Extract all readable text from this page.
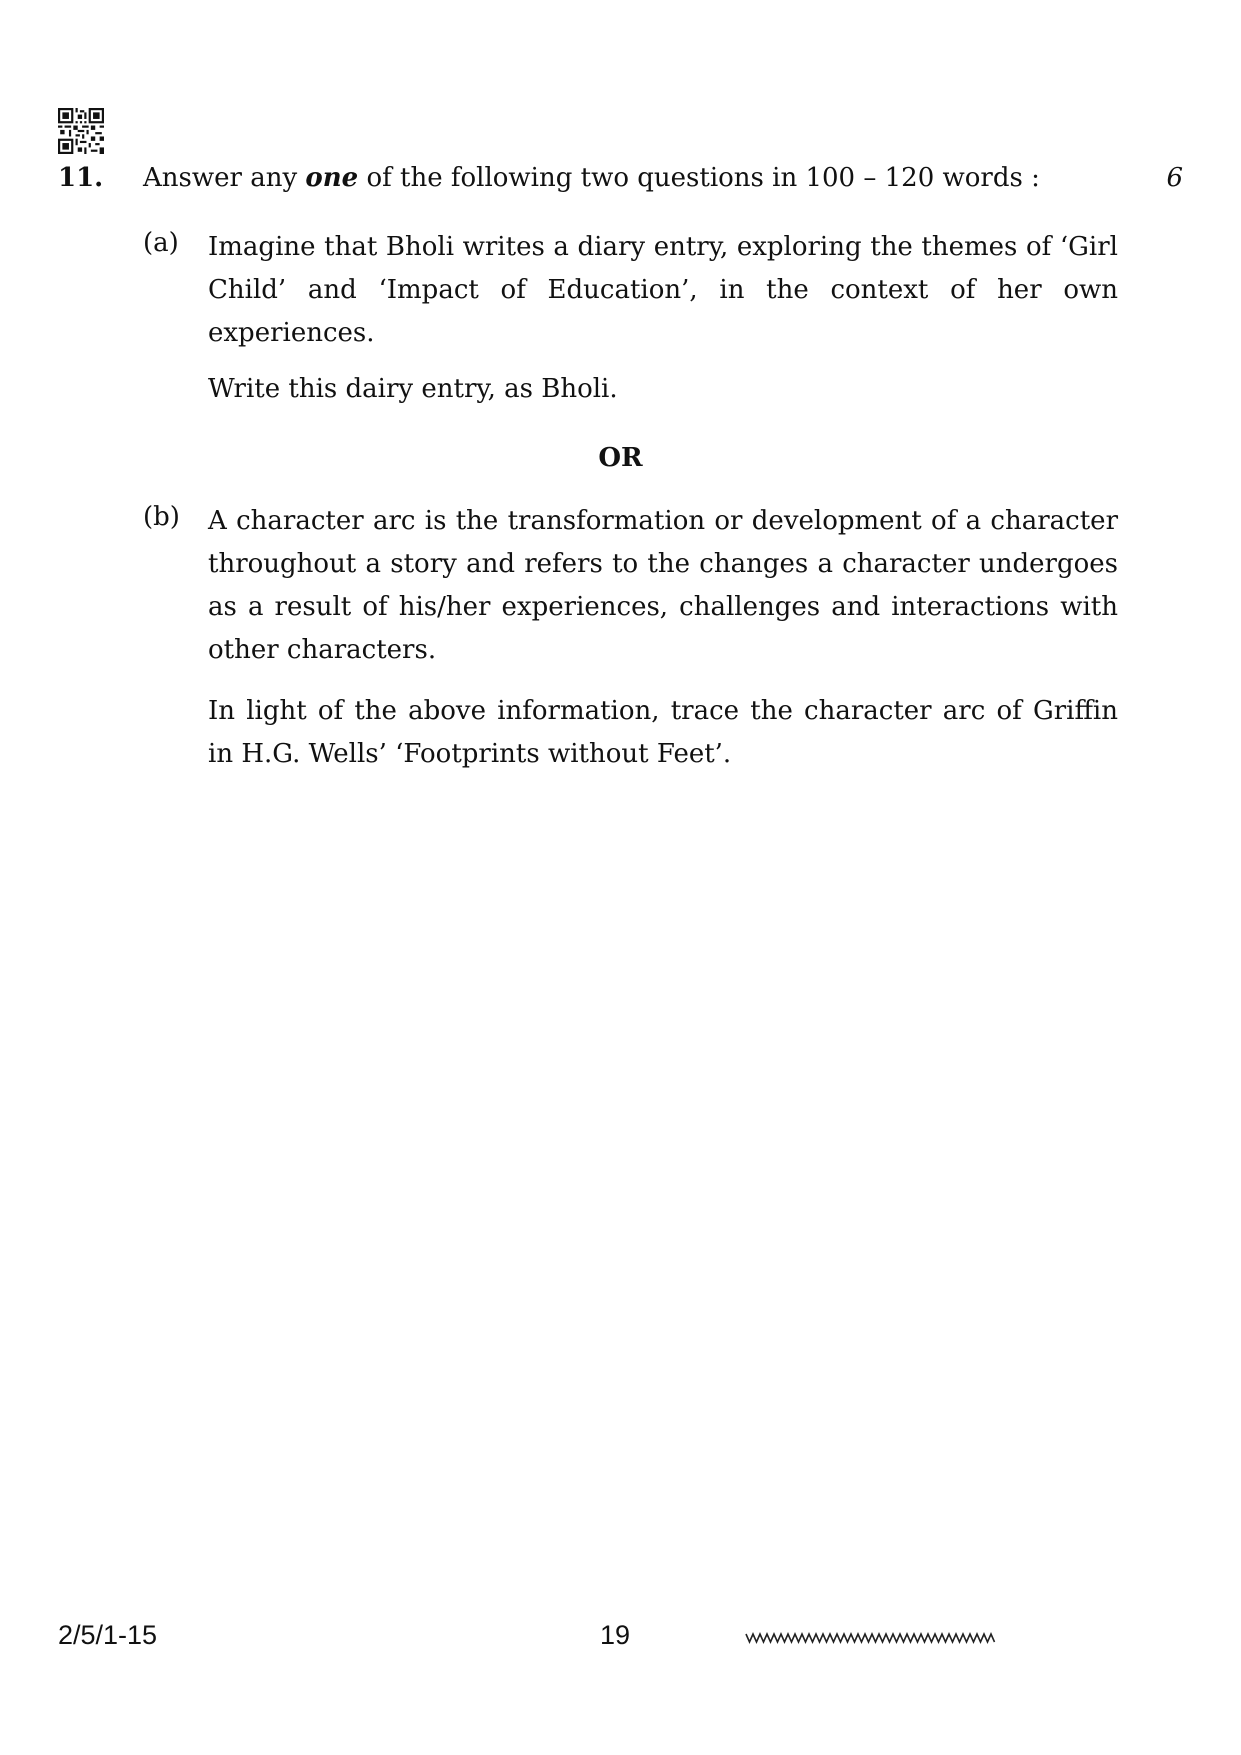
11. Answer any one of the following two questions in 100 – 120 words :	6
(a) Imagine that Bholi writes a diary entry, exploring the themes of ‘Girl Child’ and ‘Impact of Education’, in the context of her own experiences.

Write this dairy entry, as Bholi.

OR
(b) A character arc is the transformation or development of a character throughout a story and refers to the changes a character undergoes as a result of his/her experiences, challenges and interactions with other characters.

In light of the above information, trace the character arc of Griffin in H.G. Wells’ ‘Footprints without Feet’.

2/5/1-15	19
